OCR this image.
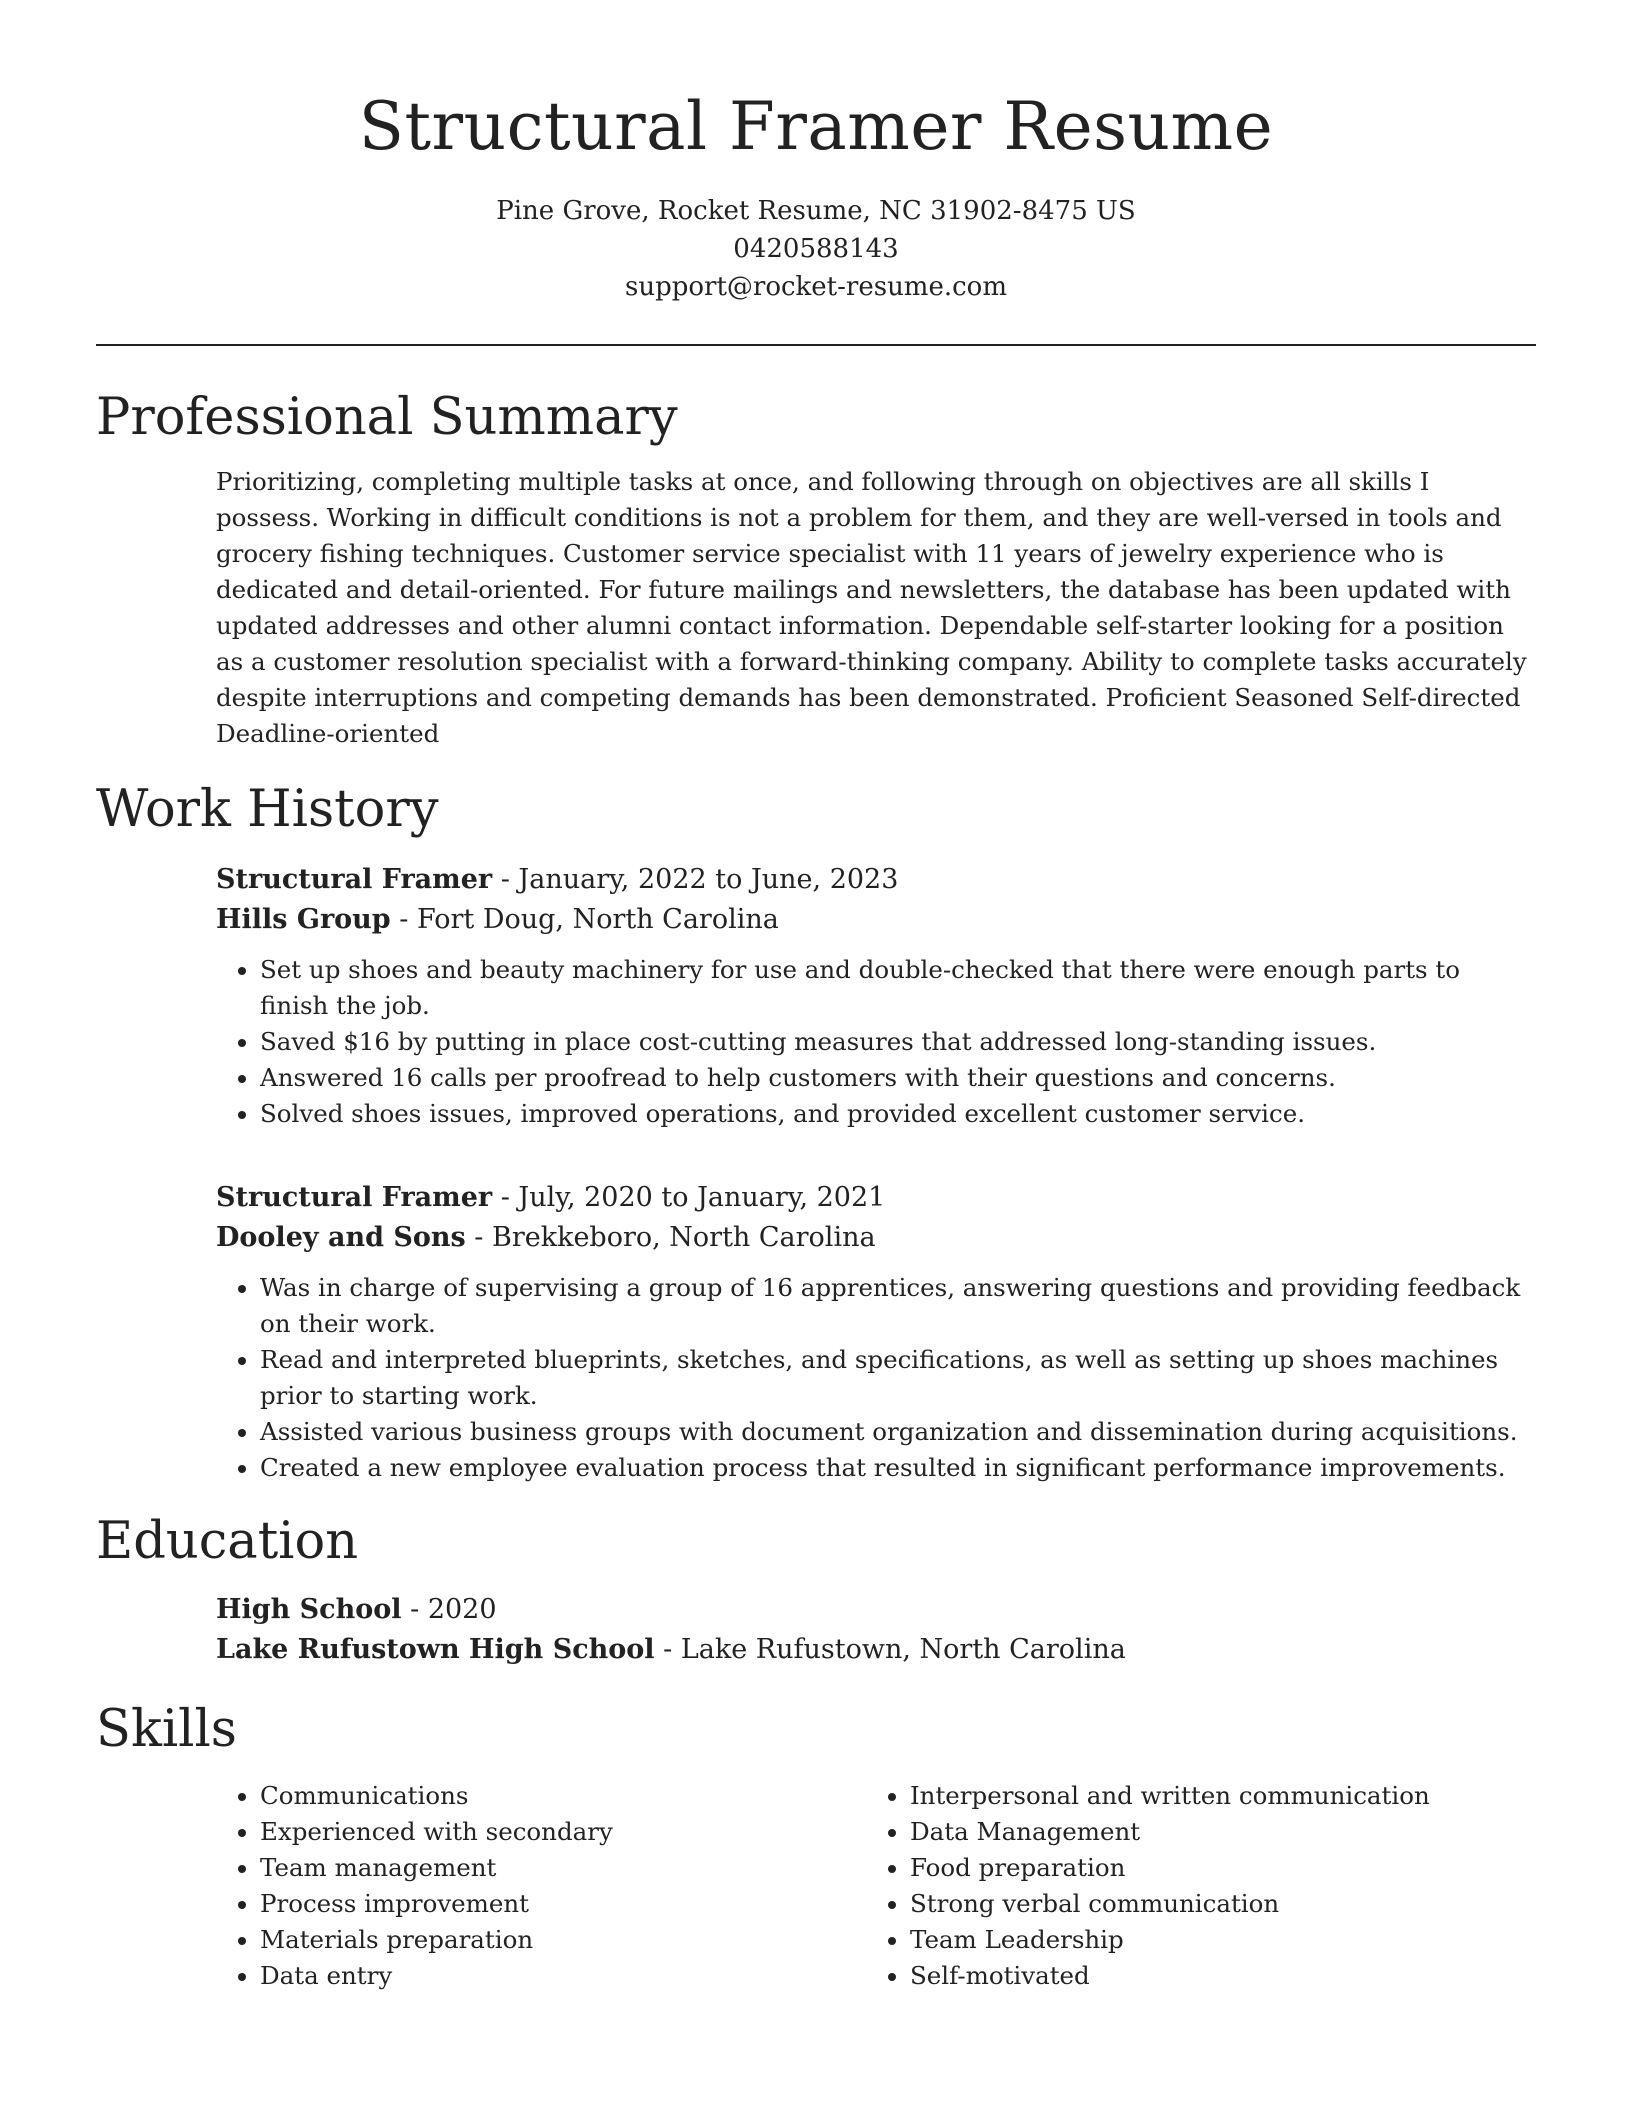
Structural Framer Resume
Pine Grove, Rocket Resume, NC 31902-8475 US
0420588143
support@rocket-resume.com
Professional Summary
Prioritizing, completing multiple tasks at once, and following through on objectives are all skills I possess. Working in difficult conditions is not a problem for them, and they are well-versed in tools and grocery fishing techniques. Customer service specialist with 11 years of jewelry experience who is dedicated and detail-oriented. For future mailings and newsletters, the database has been updated with updated addresses and other alumni contact information. Dependable self-starter looking for a position as a customer resolution specialist with a forward-thinking company. Ability to complete tasks accurately despite interruptions and competing demands has been demonstrated. Proficient Seasoned Self-directed Deadline-oriented
Work History
Structural Framer - January, 2022 to June, 2023
Hills Group - Fort Doug, North Carolina
• Set up shoes and beauty machinery for use and double-checked that there were enough parts to finish the job.
• Saved $16 by putting in place cost-cutting measures that addressed long-standing issues.
• Answered 16 calls per proofread to help customers with their questions and concerns.
• Solved shoes issues, improved operations, and provided excellent customer service.
Structural Framer - July, 2020 to January, 2021
Dooley and Sons - Brekkeboro, North Carolina
• Was in charge of supervising a group of 16 apprentices, answering questions and providing feedback on their work.
• Read and interpreted blueprints, sketches, and specifications, as well as setting up shoes machines prior to starting work.
• Assisted various business groups with document organization and dissemination during acquisitions.
• Created a new employee evaluation process that resulted in significant performance improvements.
Education
High School - 2020
Lake Rufustown High School - Lake Rufustown, North Carolina
Skills
• Communications
• Experienced with secondary
• Team management
• Process improvement
• Materials preparation
• Data entry
• Interpersonal and written communication
• Data Management
• Food preparation
• Strong verbal communication
• Team Leadership
• Self-motivated
